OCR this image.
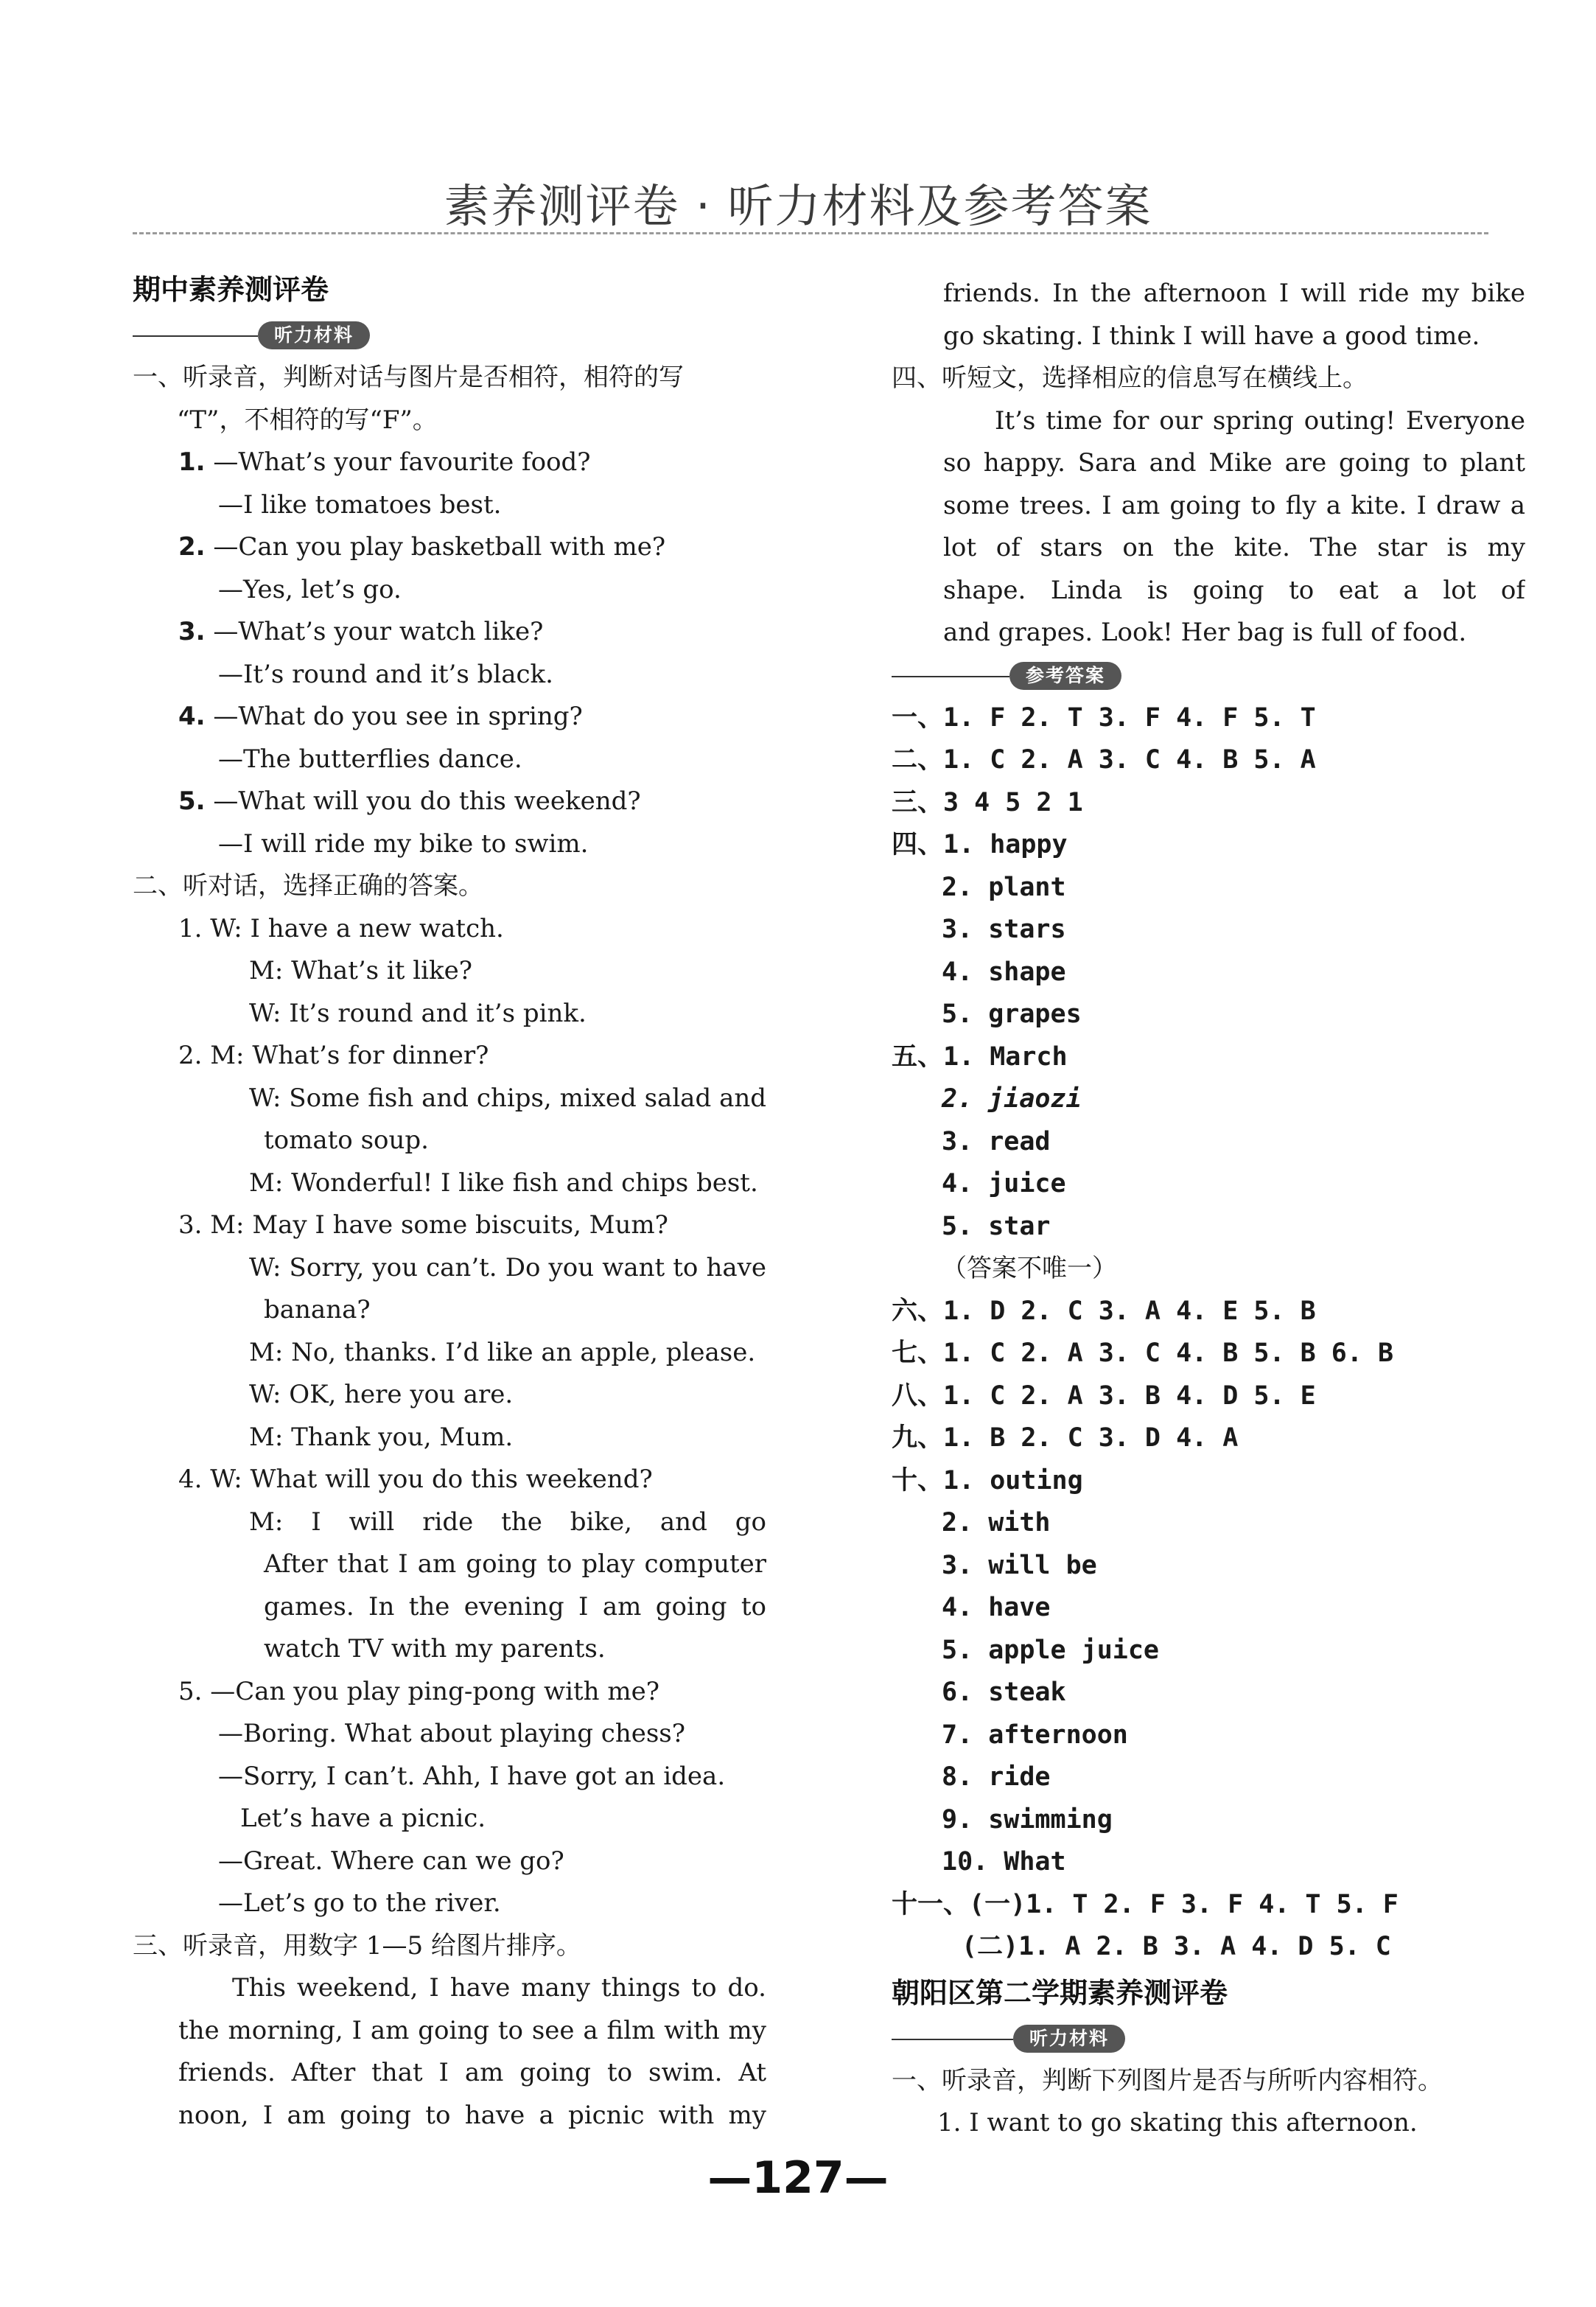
素养测评卷 · 听力材料及参考答案
期中素养测评卷
听力材料
一、听录音，判断对话与图片是否相符，相符的写
“T”，不相符的写“F”。
1. —What’s your favourite food?
—I like tomatoes best.
2. —Can you play basketball with me?
—Yes, let’s go.
3. —What’s your watch like?
—It’s round and it’s black.
4. —What do you see in spring?
—The butterflies dance.
5. —What will you do this weekend?
—I will ride my bike to swim.
二、听对话，选择正确的答案。
1. W: I have a new watch.
M: What’s it like?
W: It’s round and it’s pink.
2. M: What’s for dinner?
W: Some fish and chips, mixed salad and
tomato soup.
M: Wonderful! I like fish and chips best.
3. M: May I have some biscuits, Mum?
W: Sorry, you can’t. Do you want to have
banana?
M: No, thanks. I’d like an apple, please.
W: OK, here you are.
M: Thank you, Mum.
4. W: What will you do this weekend?
M: I will ride the bike, and go
After that I am going to play computer
games. In the evening I am going to
watch TV with my parents.
5. —Can you play ping-pong with me?
—Boring. What about playing chess?
—Sorry, I can’t. Ahh, I have got an idea.
Let’s have a picnic.
—Great. Where can we go?
—Let’s go to the river.
三、听录音，用数字 1—5 给图片排序。
This weekend, I have many things to do.
the morning, I am going to see a film with my
friends. After that I am going to swim. At
noon, I am going to have a picnic with my
friends. In the afternoon I will ride my bike
go skating. I think I will have a good time.
四、听短文，选择相应的信息写在横线上。
It’s time for our spring outing! Everyone
so happy. Sara and Mike are going to plant
some trees. I am going to fly a kite. I draw a
lot of stars on the kite. The star is my
shape. Linda is going to eat a lot of
and grapes. Look! Her bag is full of food.
参考答案
一、1. F 2. T 3. F 4. F 5. T
二、1. C 2. A 3. C 4. B 5. A
三、3 4 5 2 1
四、1. happy
2. plant
3. stars
4. shape
5. grapes
五、1. March
2. jiaozi
3. read
4. juice
5. star
（答案不唯一）
六、1. D 2. C 3. A 4. E 5. B
七、1. C 2. A 3. C 4. B 5. B 6. B
八、1. C 2. A 3. B 4. D 5. E
九、1. B 2. C 3. D 4. A
十、1. outing
2. with
3. will be
4. have
5. apple juice
6. steak
7. afternoon
8. ride
9. swimming
10. What
十一、(一)1. T 2. F 3. F 4. T 5. F
(二)1. A 2. B 3. A 4. D 5. C
朝阳区第二学期素养测评卷
听力材料
一、听录音，判断下列图片是否与所听内容相符。
1. I want to go skating this afternoon.
—127—
